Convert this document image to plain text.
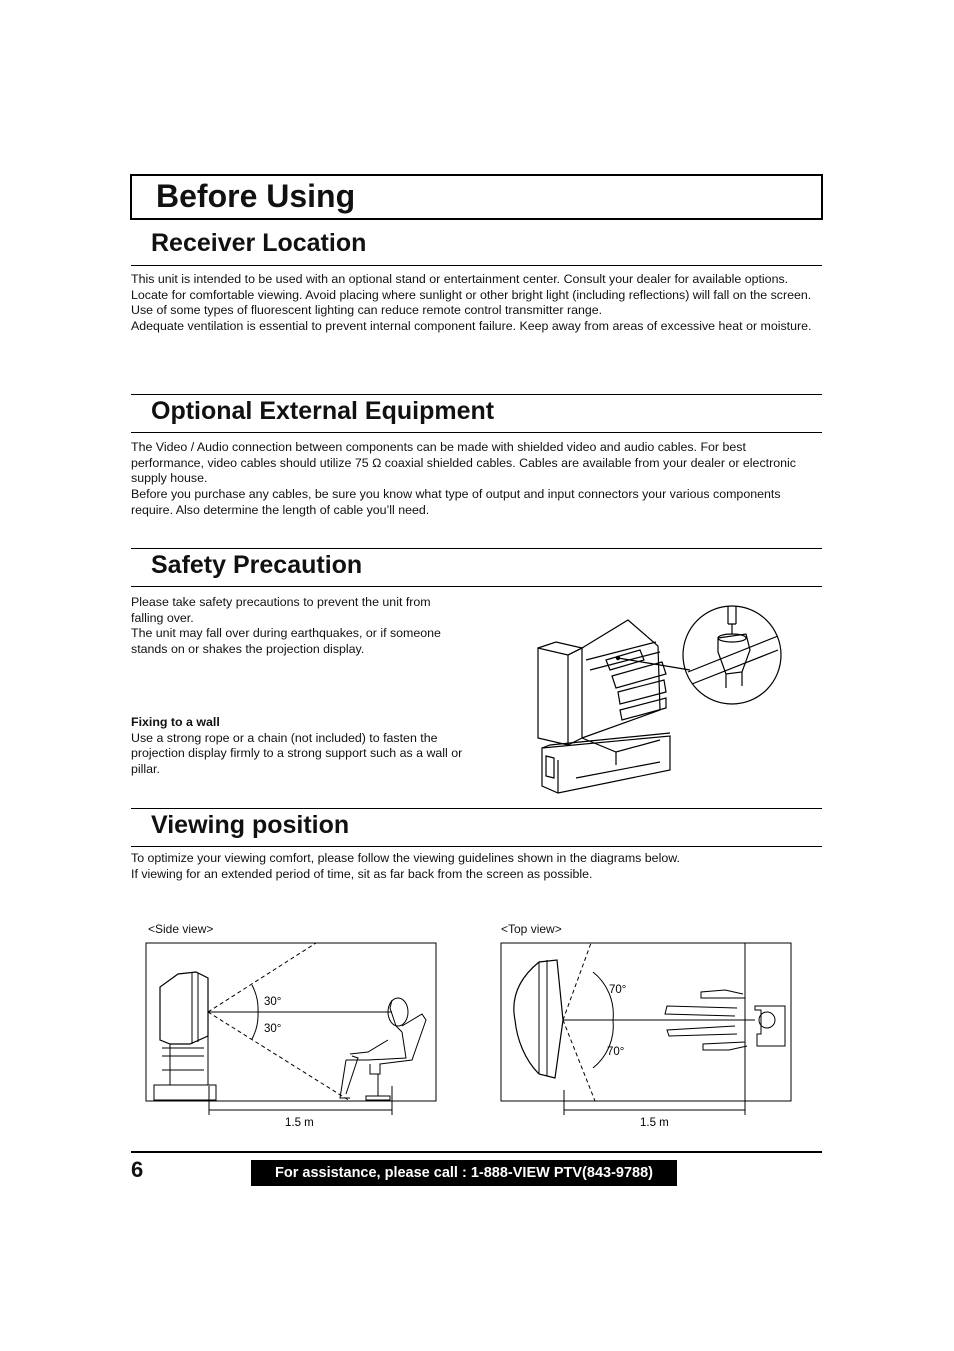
Before Using
Receiver Location

This unit is intended to be used with an optional stand or entertainment center. Consult your dealer for available options.

Locate for comfortable viewing. Avoid placing where sunlight or other bright light (including reflections) will fall on the screen.

Use of some types of fluorescent lighting can reduce remote control transmitter range.

Adequate ventilation is essential to prevent internal component failure. Keep away from areas of excessive heat or moisture.

Optional External Equipment

The Video / Audio connection between components can be made with shielded video and audio cables. For best performance, video cables should utilize 75 Ω coaxial shielded cables. Cables are available from your dealer or electronic supply house.

Before you purchase any cables, be sure you know what type of output and input connectors your various components require. Also determine the length of cable you’ll need.

Safety Precaution

Please take safety precautions to prevent the unit from falling over.

The unit may fall over during earthquakes, or if someone stands on or shakes the projection display.

Fixing to a wall

Use a strong rope or a chain (not included) to fasten the projection display firmly to a strong support such as a wall or pillar.

Viewing position

To optimize your viewing comfort, please follow the viewing guidelines shown in the diagrams below.

If viewing for an extended period of time, sit as far back from the screen as possible.

<Side view>	<Top view>
30°
30°
1.5 m
70°
70°
1.5 m
6	For assistance, please call : 1-888-VIEW PTV(843-9788)
